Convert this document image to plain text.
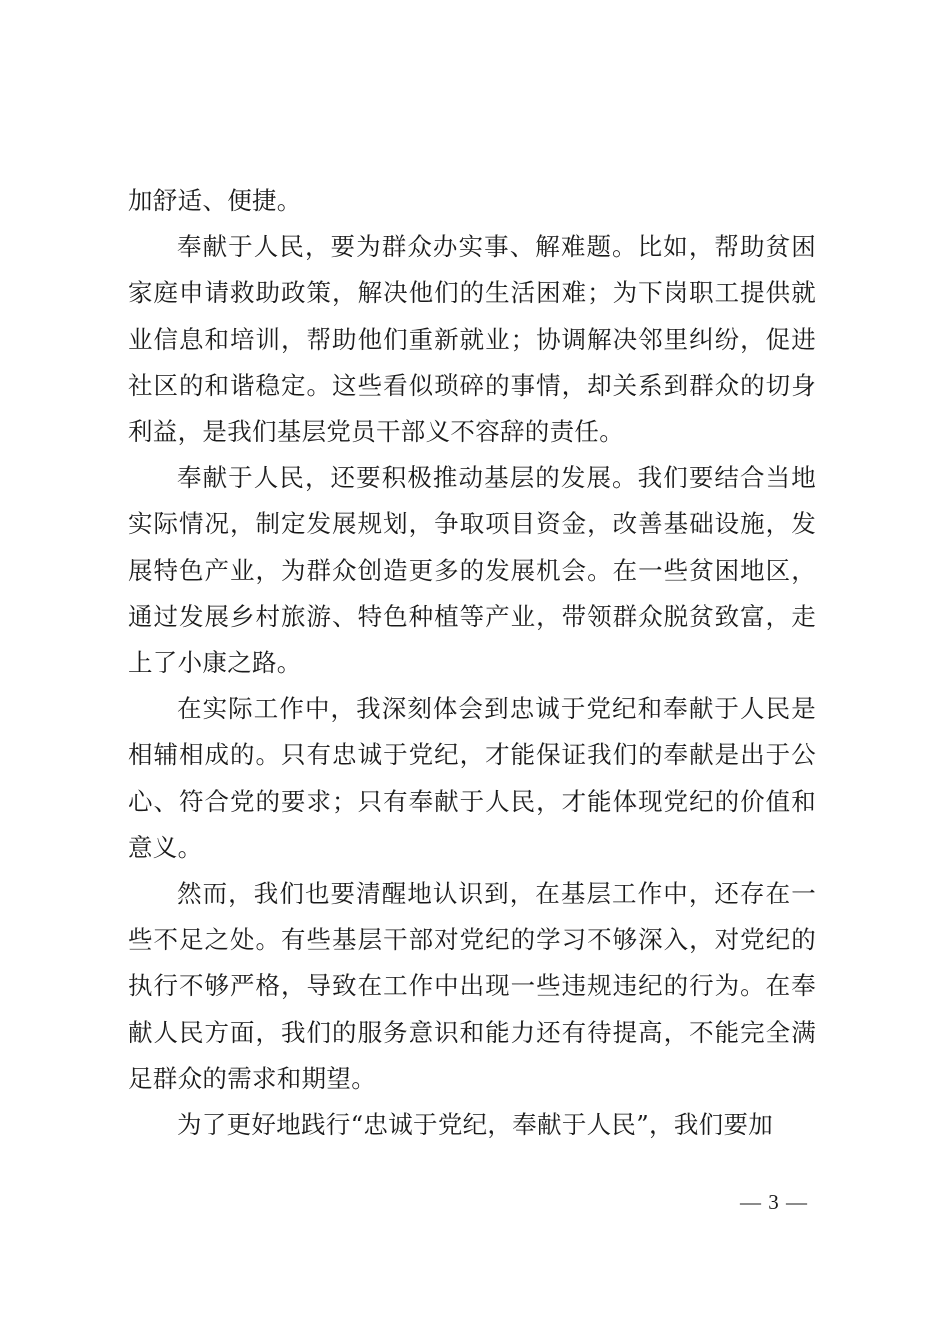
加舒适、便捷。

奉献于人民，要为群众办实事、解难题。比如，帮助贫困家庭申请救助政策，解决他们的生活困难；为下岗职工提供就业信息和培训，帮助他们重新就业；协调解决邻里纠纷，促进社区的和谐稳定。这些看似琐碎的事情，却关系到群众的切身利益，是我们基层党员干部义不容辞的责任。

奉献于人民，还要积极推动基层的发展。我们要结合当地实际情况，制定发展规划，争取项目资金，改善基础设施，发展特色产业，为群众创造更多的发展机会。在一些贫困地区，通过发展乡村旅游、特色种植等产业，带领群众脱贫致富，走上了小康之路。

在实际工作中，我深刻体会到忠诚于党纪和奉献于人民是相辅相成的。只有忠诚于党纪，才能保证我们的奉献是出于公心、符合党的要求；只有奉献于人民，才能体现党纪的价值和意义。

然而，我们也要清醒地认识到，在基层工作中，还存在一些不足之处。有些基层干部对党纪的学习不够深入，对党纪的执行不够严格，导致在工作中出现一些违规违纪的行为。在奉献人民方面，我们的服务意识和能力还有待提高，不能完全满足群众的需求和期望。

为了更好地践行“忠诚于党纪，奉献于人民”，我们要加

— 3 —
